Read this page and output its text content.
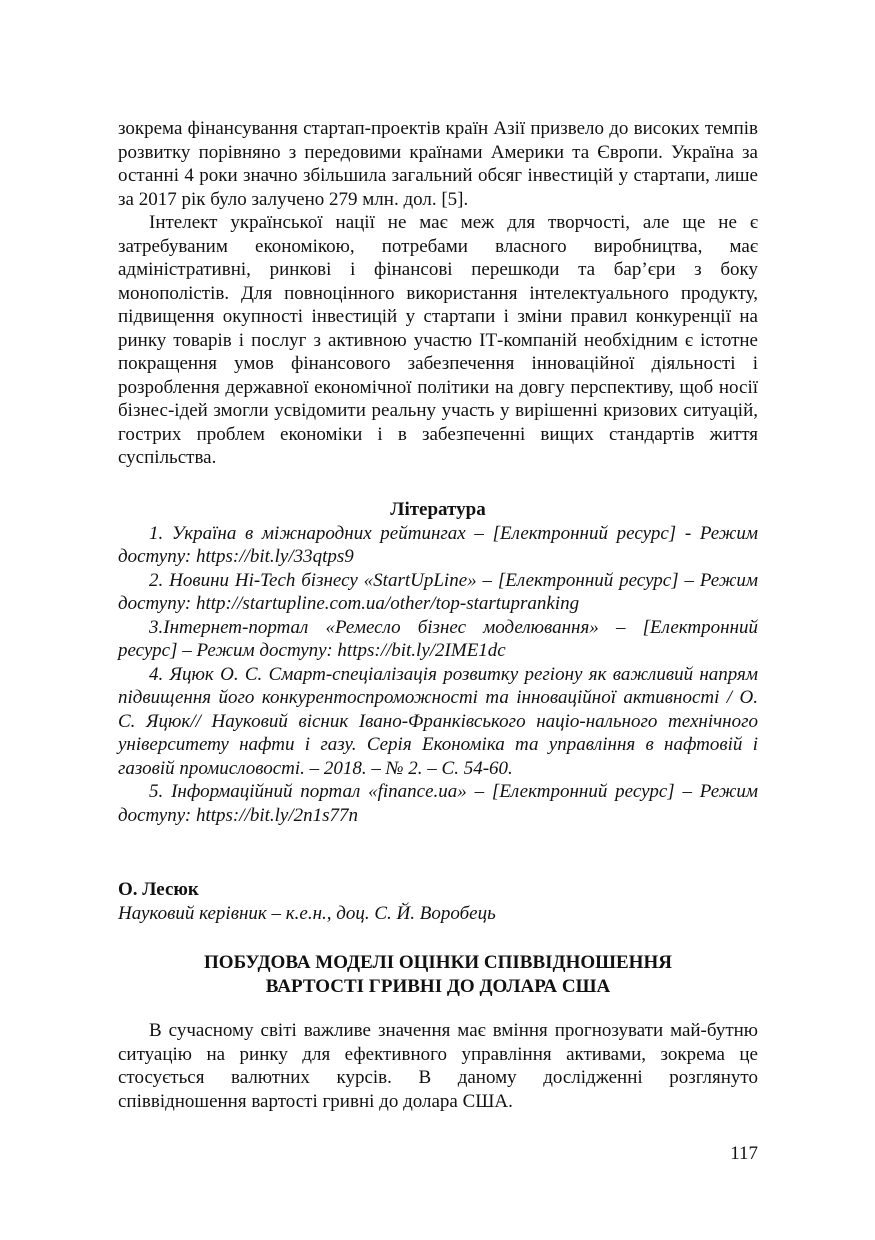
зокрема фінансування стартап-проектів країн Азії призвело до високих темпів розвитку порівняно з передовими країнами Америки та Європи. Україна за останні 4 роки значно збільшила загальний обсяг інвестицій у стартапи, лише за 2017 рік було залучено 279 млн. дол. [5].

Інтелект української нації не має меж для творчості, але ще не є затребуваним економікою, потребами власного виробництва, має адміністративні, ринкові і фінансові перешкоди та бар’єри з боку монополістів. Для повноцінного використання інтелектуального продукту, підвищення окупності інвестицій у стартапи і зміни правил конкуренції на ринку товарів і послуг з активною участю ІТ-компаній необхідним є істотне покращення умов фінансового забезпечення інноваційної діяльності і розроблення державної економічної політики на довгу перспективу, щоб носії бізнес-ідей змогли усвідомити реальну участь у вирішенні кризових ситуацій, гострих проблем економіки і в забезпеченні вищих стандартів життя суспільства.

Література

1. Україна в міжнародних рейтингах – [Електронний ресурс] - Режим доступу: https://bit.ly/33qtps9

2. Новини Hi-Tech бізнесу «StartUpLine» – [Електронний ресурс] – Режим доступу: http://startupline.com.ua/other/top-startupranking

3.Інтернет-портал «Ремесло бізнес моделювання» – [Електронний ресурс] – Режим доступу: https://bit.ly/2IME1dc

4. Яцюк О. С. Смарт-спеціалізація розвитку регіону як важливий напрям підвищення його конкурентоспроможності та інноваційної активності / О. С. Яцюк// Науковий вісник Івано-Франківського націо-нального технічного університету нафти і газу. Серія Економіка та управління в нафтовій і газовій промисловості. – 2018. – № 2. – С. 54-60.

5. Інформаційний портал «finance.ua» – [Електронний ресурс] – Режим доступу: https://bit.ly/2n1s77n

О. Лесюк

Науковий керівник – к.е.н., доц. С. Й. Воробець

ПОБУДОВА МОДЕЛІ ОЦІНКИ СПІВВІДНОШЕННЯ

ВАРТОСТІ ГРИВНІ ДО ДОЛАРА США

В сучасному світі важливе значення має вміння прогнозувати май-бутню ситуацію на ринку для ефективного управління активами, зокрема це стосується валютних курсів. В даному дослідженні розглянуто співвідношення вартості гривні до долара США.

117
